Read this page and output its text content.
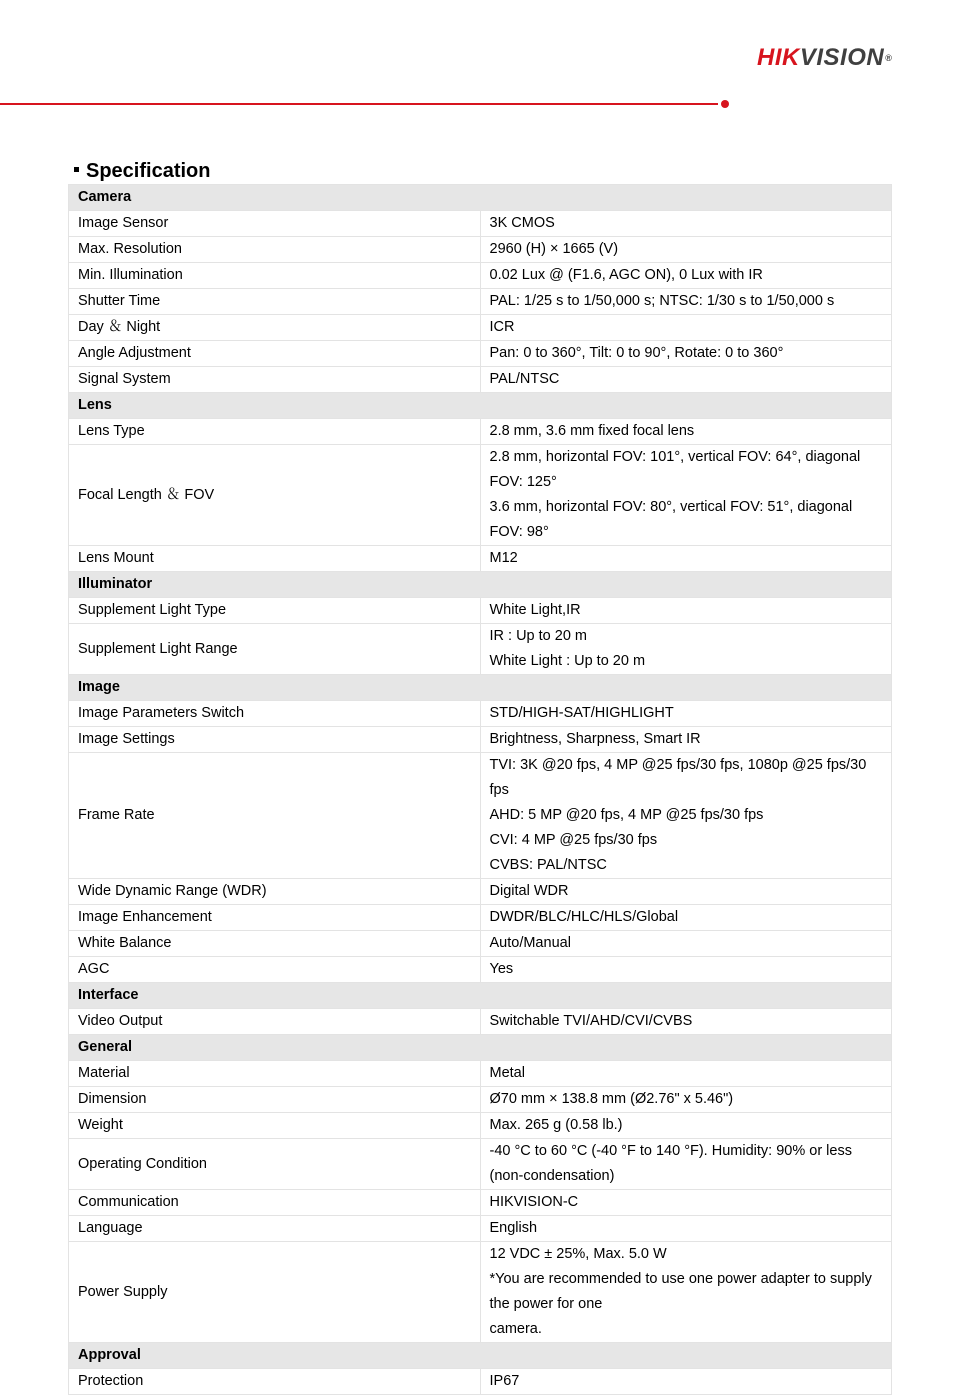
HIKVISION®
Specification
Camera	
Image Sensor	3K CMOS

Max. Resolution	2960 (H) × 1665 (V)

Min. Illumination	0.02 Lux @ (F1.6, AGC ON), 0 Lux with IR

Shutter Time	PAL: 1/25 s to 1/50,000 s; NTSC: 1/30 s to 1/50,000 s

Day ＆ Night	ICR

Angle Adjustment	Pan: 0 to 360°, Tilt: 0 to 90°, Rotate: 0 to 360°

Signal System	PAL/NTSC

Lens	
Lens Type	2.8 mm, 3.6 mm fixed focal lens

Focal Length ＆ FOV	2.8 mm, horizontal FOV: 101°, vertical FOV: 64°, diagonal FOV: 125°
3.6 mm, horizontal FOV: 80°, vertical FOV: 51°, diagonal FOV: 98°

Lens Mount	M12

Illuminator	
Supplement Light Type	White Light,IR

Supplement Light Range	IR : Up to 20 m
White Light : Up to 20 m

Image	
Image Parameters Switch	STD/HIGH-SAT/HIGHLIGHT

Image Settings	Brightness, Sharpness, Smart IR

Frame Rate	TVI: 3K @20 fps, 4 MP @25 fps/30 fps, 1080p @25 fps/30 fps
AHD: 5 MP @20 fps, 4 MP @25 fps/30 fps
CVI: 4 MP @25 fps/30 fps
CVBS: PAL/NTSC

Wide Dynamic Range (WDR)	Digital WDR

Image Enhancement	DWDR/BLC/HLC/HLS/Global

White Balance	Auto/Manual

AGC	Yes

Interface	
Video Output	Switchable TVI/AHD/CVI/CVBS

General	
Material	Metal

Dimension	Ø70 mm × 138.8 mm (Ø2.76" x 5.46")

Weight	Max. 265 g (0.58 lb.)

Operating Condition	-40 °C to 60 °C (-40 °F to 140 °F). Humidity: 90% or less (non-condensation)

Communication	HIKVISION-C

Language	English

Power Supply	12 VDC ± 25%, Max. 5.0 W
*You are recommended to use one power adapter to supply the power for one
camera.

Approval	
Protection	IP67
